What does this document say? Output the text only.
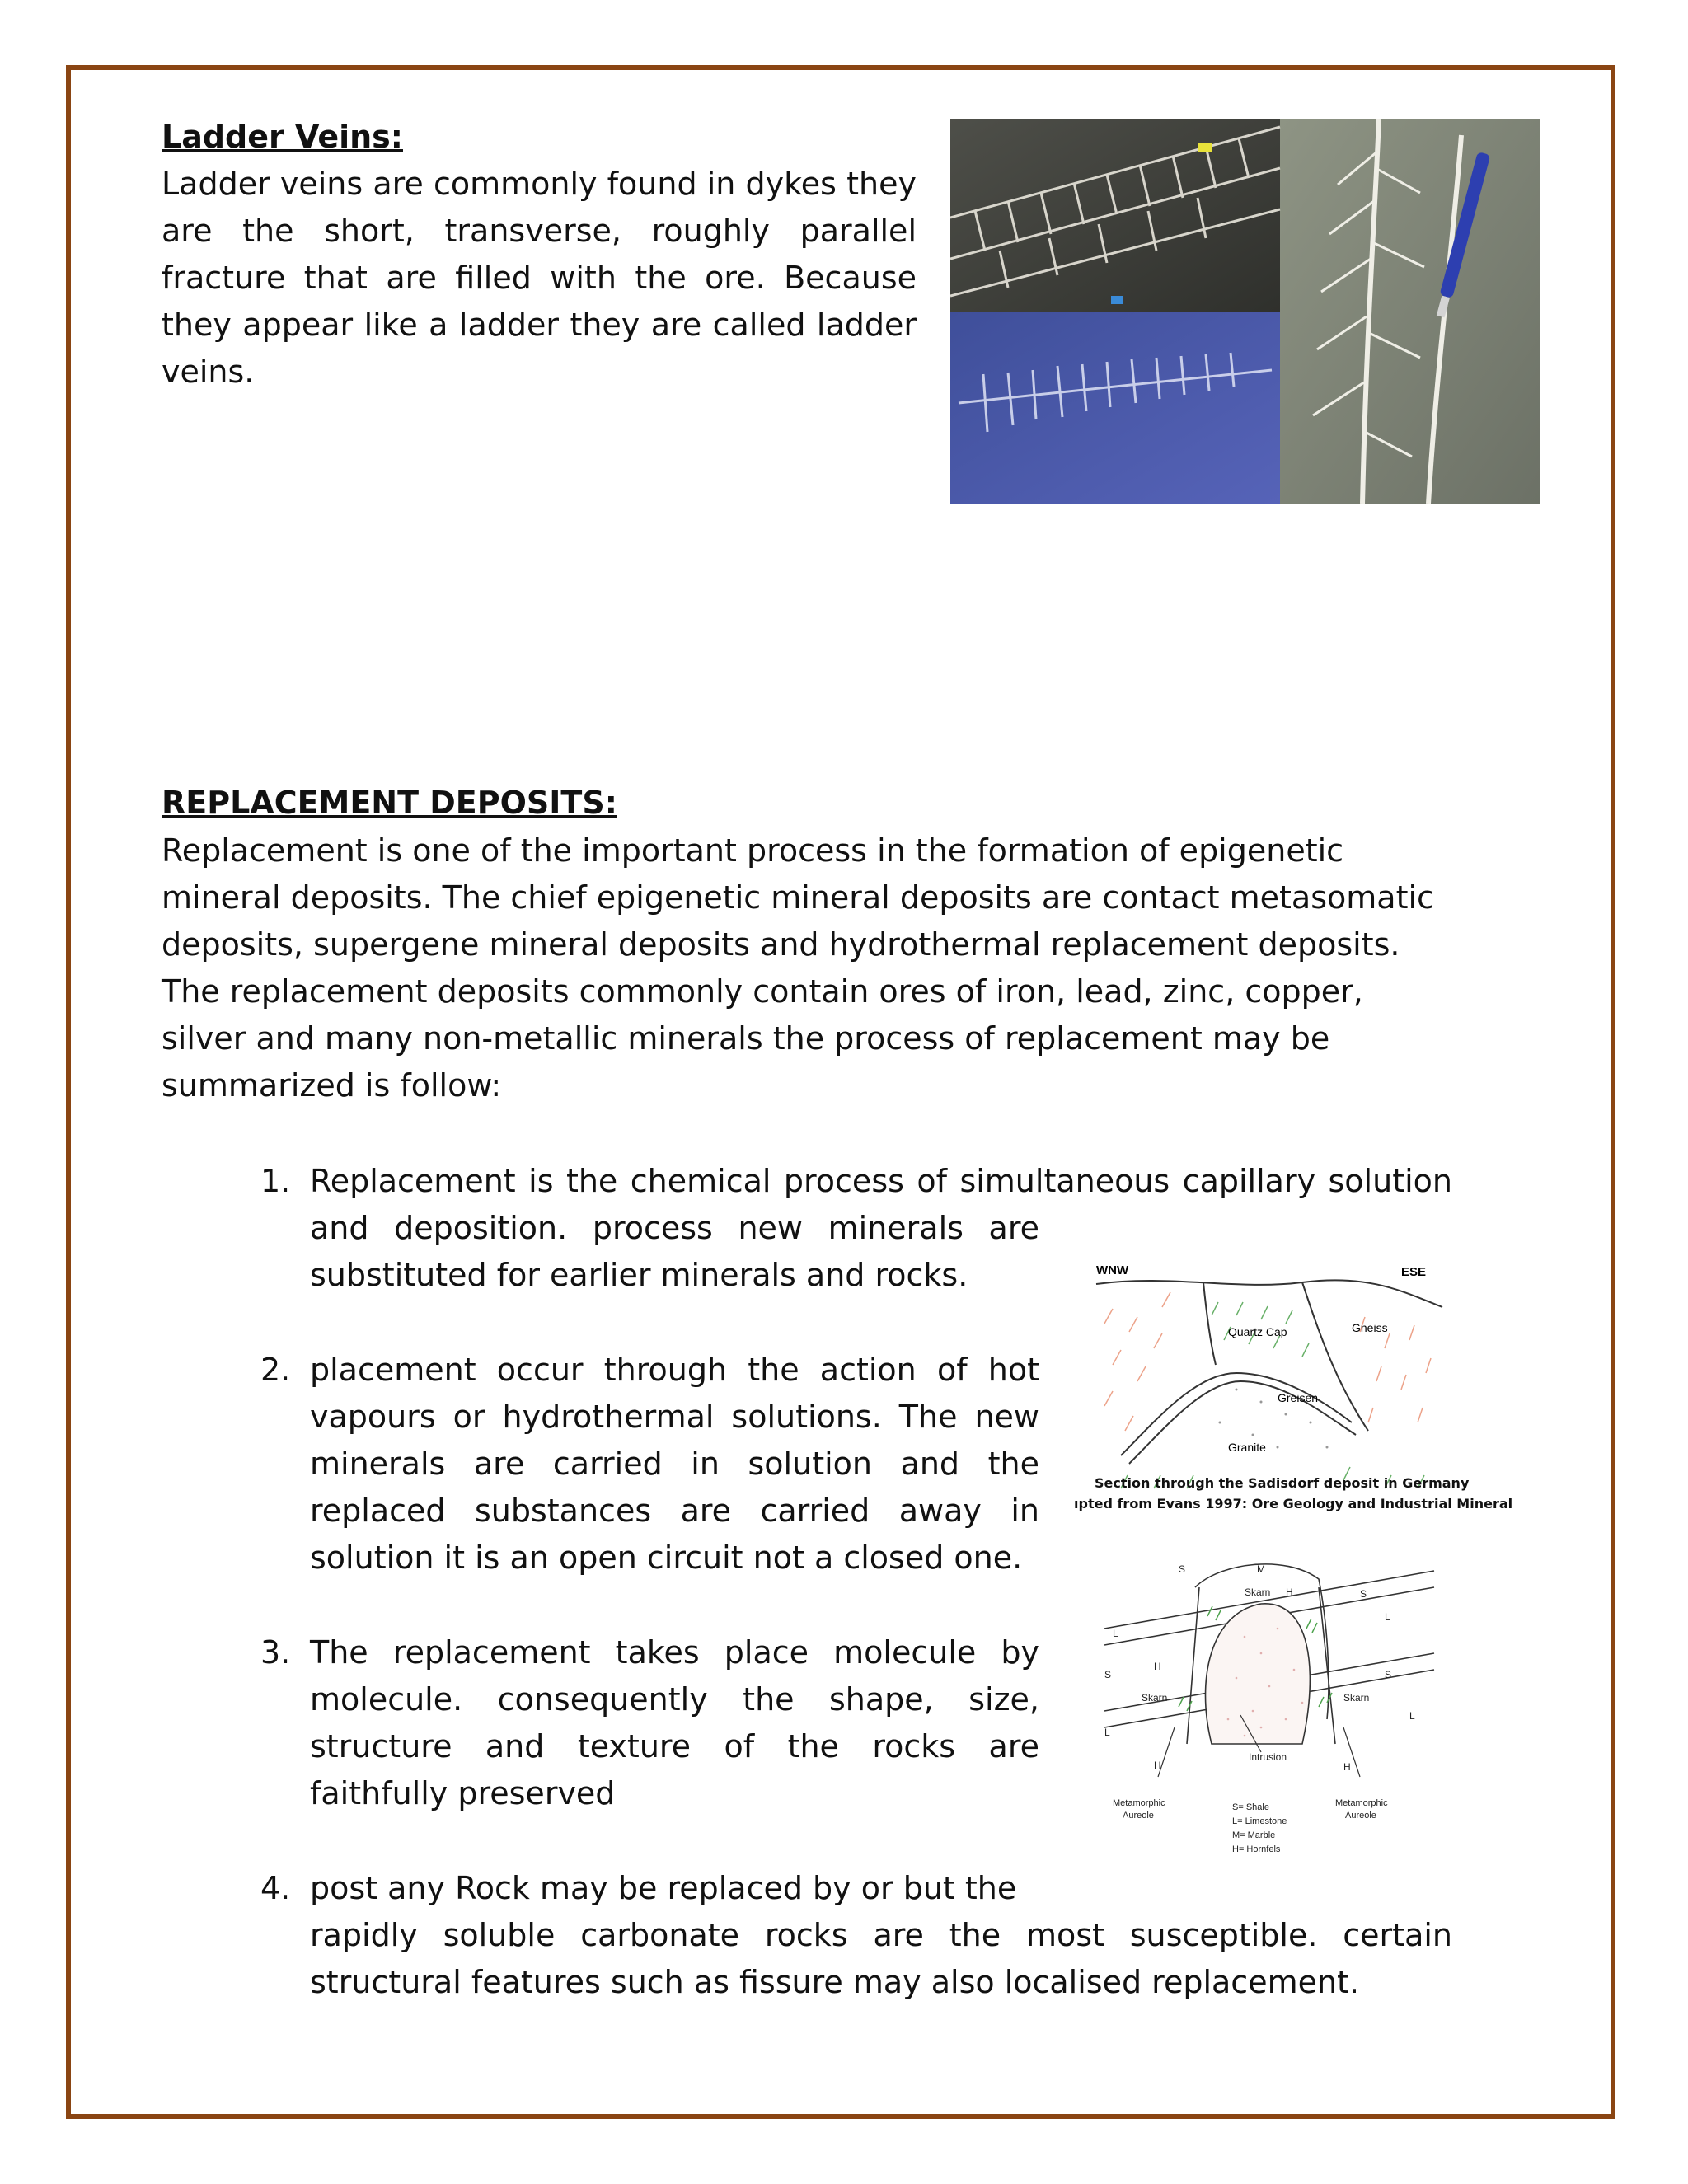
Ladder Veins:
Ladder veins are commonly found in dykes they are the short, transverse, roughly parallel fracture that are filled with the ore. Because they appear like a ladder they are called ladder veins.
REPLACEMENT DEPOSITS:
Replacement is one of the important process in the formation of epigenetic mineral deposits. The chief epigenetic mineral deposits are contact metasomatic deposits, supergene mineral deposits and hydrothermal replacement deposits. The replacement deposits commonly contain ores of iron, lead, zinc, copper, silver and many non-metallic minerals the process of replacement may be summarized is follow:
1. Replacement is the chemical process of simultaneous capillary solution
and deposition. process new minerals are substituted for earlier minerals and rocks.
2. placement occur through the action of hot vapours or hydrothermal solutions. The new minerals are carried in solution and the replaced substances are carried away in solution it is an open circuit not a closed one.
3. The replacement takes place molecule by molecule. consequently the shape, size, structure and texture of the rocks are faithfully preserved
4. post any Rock may be replaced by or but the
rapidly soluble carbonate rocks are the most susceptible. certain structural features such as fissure may also localised replacement.
WNW	ESE
Quartz Cap	Gneiss
Greisen
Granite
Section through the Sadisdorf deposit in Germany
ıpted from Evans 1997: Ore Geology and Industrial Mineral
S	M
Skarn H	S
L
L
S	S
H
Skarn	Skarn
Intrusion
H	H
L
L
Metamorphic
Aureole
Metamorphic
Aureole
S= Shale
L= Limestone
M= Marble
H= Hornfels
